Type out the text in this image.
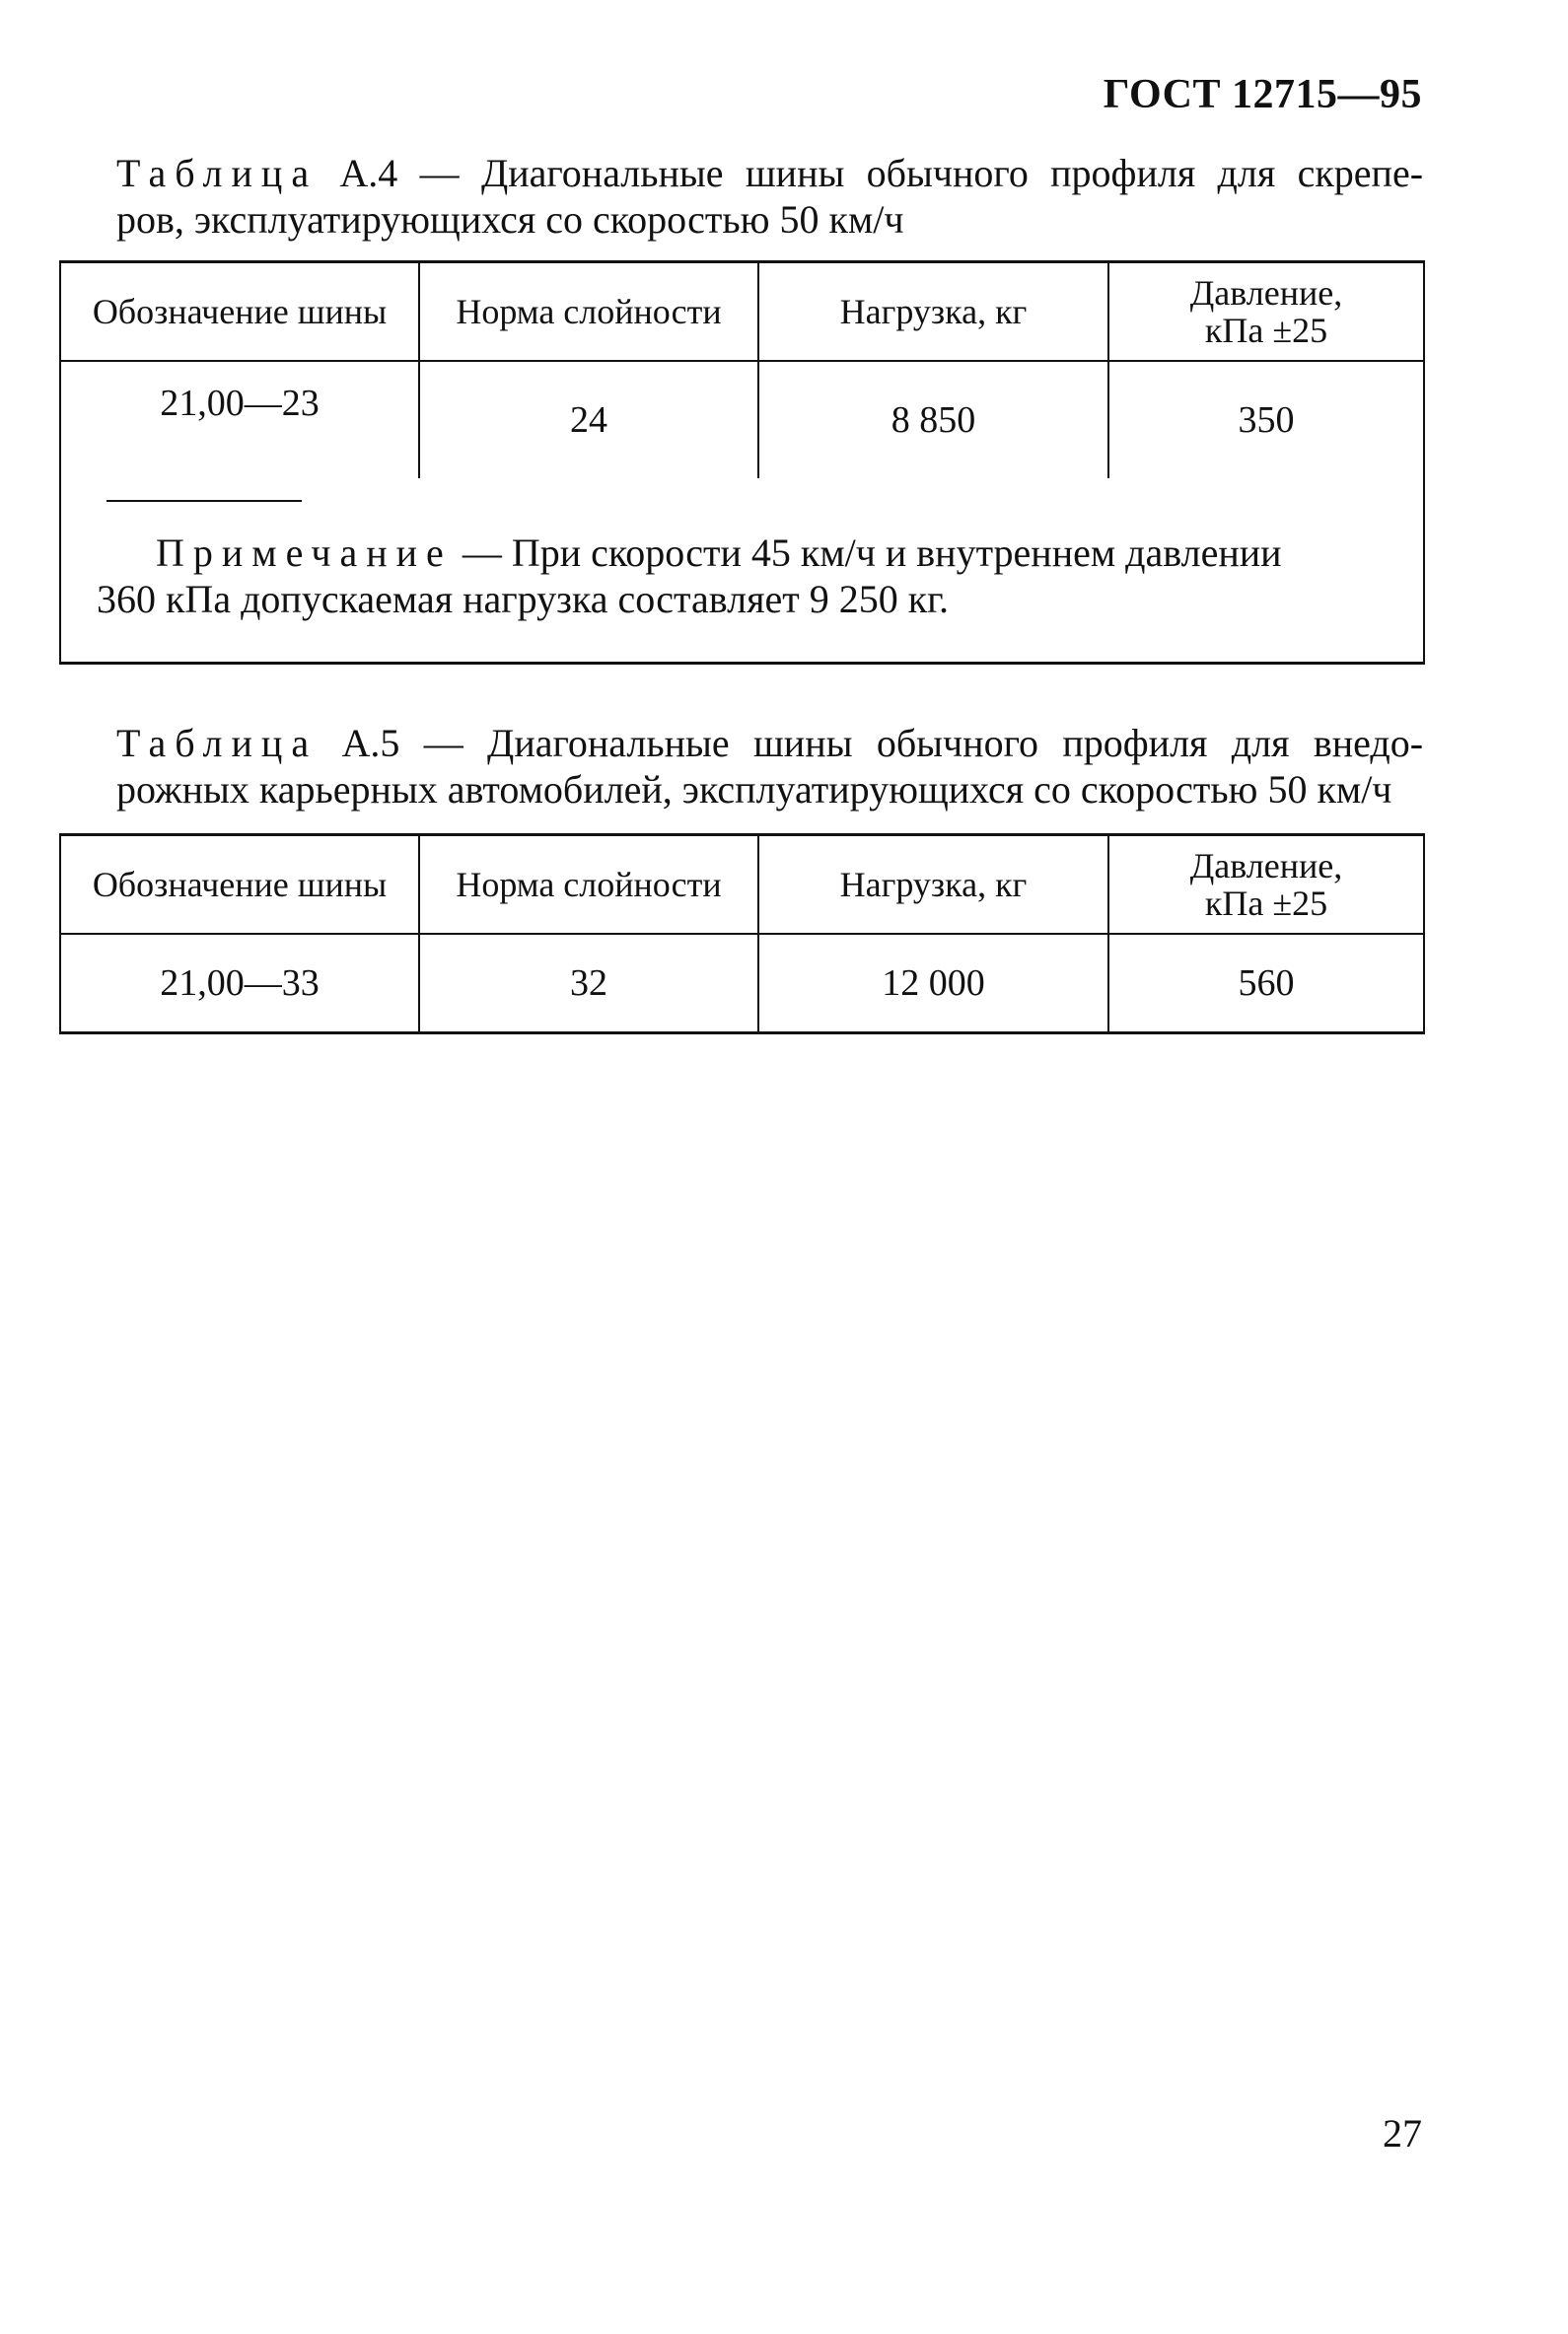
ГОСТ 12715—95
Таблица А.4 — Диагональные шины обычного профиля для скрепе-
ров, эксплуатирующихся со скоростью 50 км/ч
Обозначение шины	Норма слойности	Нагрузка, кг	Давление,
кПа ±25
21,00—23	24	8 850	350

Примечание — При скорости 45 км/ч и внутреннем давлении
360 кПа допускаемая нагрузка составляет 9 250 кг.			
Таблица А.5 — Диагональные шины обычного профиля для внедо-
рожных карьерных автомобилей, эксплуатирующихся со скоростью 50 км/ч
Обозначение шины	Норма слойности	Нагрузка, кг	Давление,
кПа ±25
21,00—33	32	12 000	560
27
